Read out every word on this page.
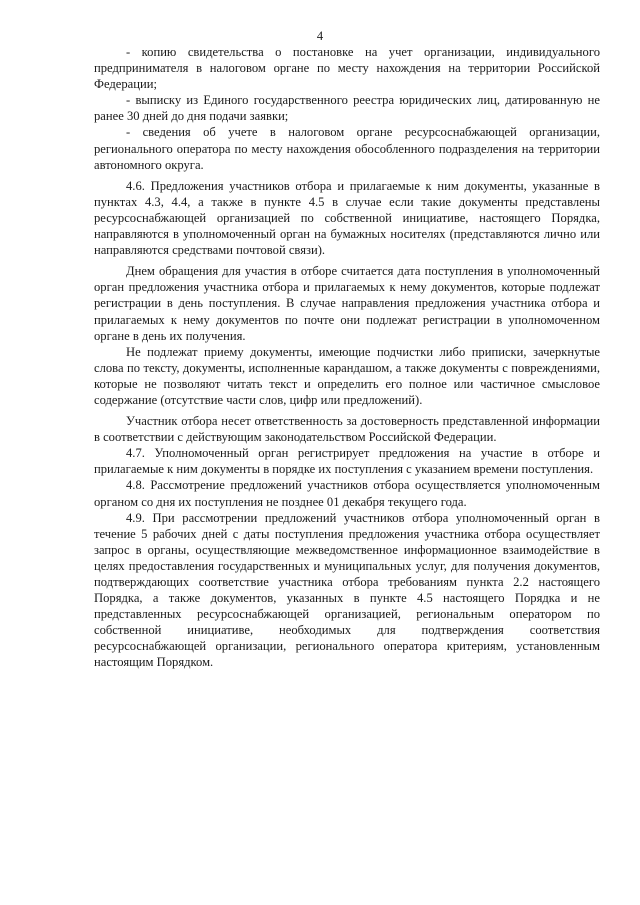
4

- копию свидетельства о постановке на учет организации, индивидуального предпринимателя в налоговом органе по месту нахождения на территории Российской Федерации;

- выписку из Единого государственного реестра юридических лиц, датированную не ранее 30 дней до дня подачи заявки;

- сведения об учете в налоговом органе ресурсоснабжающей организации, регионального оператора по месту нахождения обособленного подразделения на территории автономного округа.

4.6. Предложения участников отбора и прилагаемые к ним документы, указанные в пунктах 4.3, 4.4, а также в пункте 4.5 в случае если такие документы представлены ресурсоснабжающей организацией по собственной инициативе, настоящего Порядка, направляются в уполномоченный орган на бумажных носителях (представляются лично или направляются средствами почтовой связи).

Днем обращения для участия в отборе считается дата поступления в уполномоченный орган предложения участника отбора и прилагаемых к нему документов, которые подлежат регистрации в день поступления. В случае направления предложения участника отбора и прилагаемых к нему документов по почте они подлежат регистрации в уполномоченном органе в день их получения.

Не подлежат приему документы, имеющие подчистки либо приписки, зачеркнутые слова по тексту, документы, исполненные карандашом, а также документы с повреждениями, которые не позволяют читать текст и определить его полное или частичное смысловое содержание (отсутствие части слов, цифр или предложений).

Участник отбора несет ответственность за достоверность представленной информации в соответствии с действующим законодательством Российской Федерации.

4.7. Уполномоченный орган регистрирует предложения на участие в отборе и прилагаемые к ним документы в порядке их поступления с указанием времени поступления.

4.8. Рассмотрение предложений участников отбора осуществляется уполномоченным органом со дня их поступления не позднее 01 декабря текущего года.

4.9. При рассмотрении предложений участников отбора уполномоченный орган в течение 5 рабочих дней с даты поступления предложения участника отбора осуществляет запрос в органы, осуществляющие межведомственное информационное взаимодействие в целях предоставления государственных и муниципальных услуг, для получения документов, подтверждающих соответствие участника отбора требованиям пункта 2.2 настоящего Порядка, а также документов, указанных в пункте 4.5 настоящего Порядка и не представленных ресурсоснабжающей организацией, региональным оператором по собственной инициативе, необходимых для подтверждения соответствия ресурсоснабжающей организации, регионального оператора критериям, установленным настоящим Порядком.
